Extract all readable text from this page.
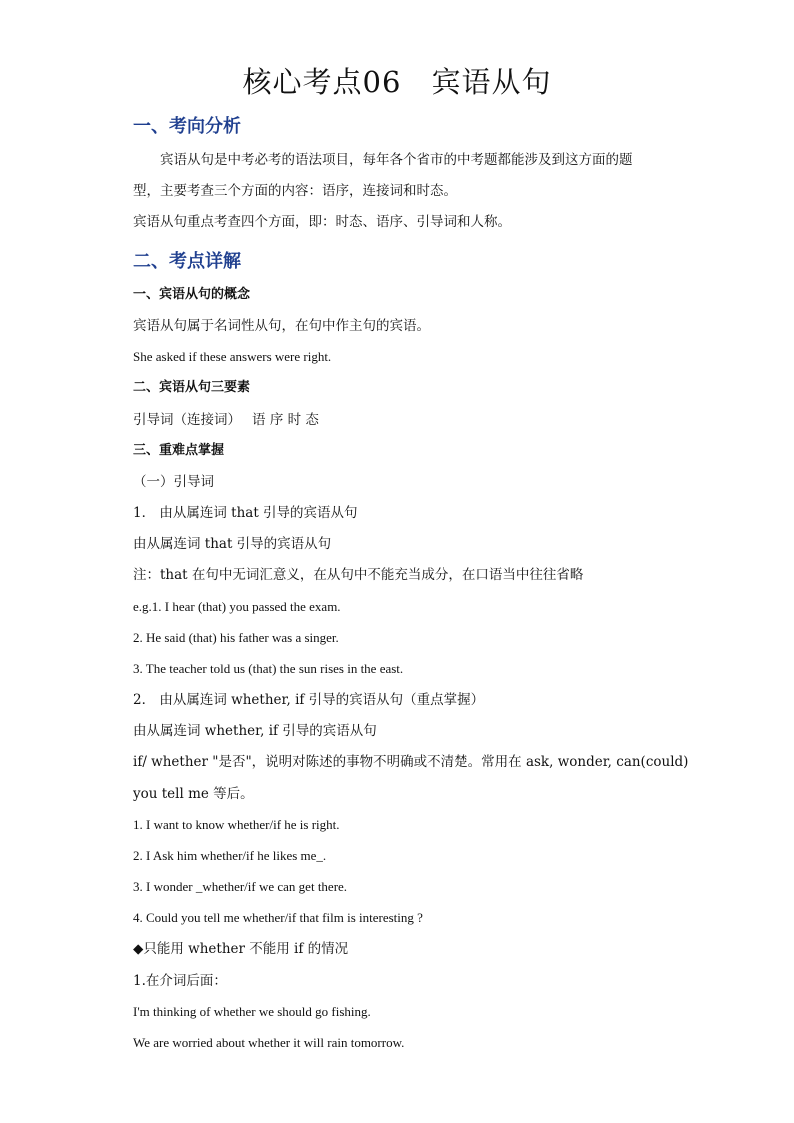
核心考点06　宾语从句
一、考向分析
宾语从句是中考必考的语法项目，每年各个省市的中考题都能涉及到这方面的题
型，主要考查三个方面的内容：语序，连接词和时态。
宾语从句重点考查四个方面，即：时态、语序、引导词和人称。
二、考点详解
一、宾语从句的概念
宾语从句属于名词性从句，在句中作主句的宾语。
She asked if these answers were right.
二、宾语从句三要素
引导词（连接词）　 语 序 时 态
三、重难点掌握
（一）引导词
1． 由从属连词 that 引导的宾语从句
由从属连词 that 引导的宾语从句
注：that 在句中无词汇意义，在从句中不能充当成分，在口语当中往往省略
e.g.1. I hear (that) you passed the exam.
2. He said (that) his father was a singer.
3. The teacher told us (that) the sun rises in the east.
2． 由从属连词 whether, if 引导的宾语从句（重点掌握）
由从属连词 whether, if 引导的宾语从句
if/ whether "是否"，说明对陈述的事物不明确或不清楚。常用在 ask, wonder, can(could)
you tell me 等后。
1. I want to know whether/if he is right.
2. I Ask him whether/if he likes me_.
3. I wonder _whether/if we can get there.
4. Could you tell me whether/if that film is interesting ?
◆只能用 whether 不能用 if 的情况
1.在介词后面：
I'm thinking of whether we should go fishing.
We are worried about whether it will rain tomorrow.
